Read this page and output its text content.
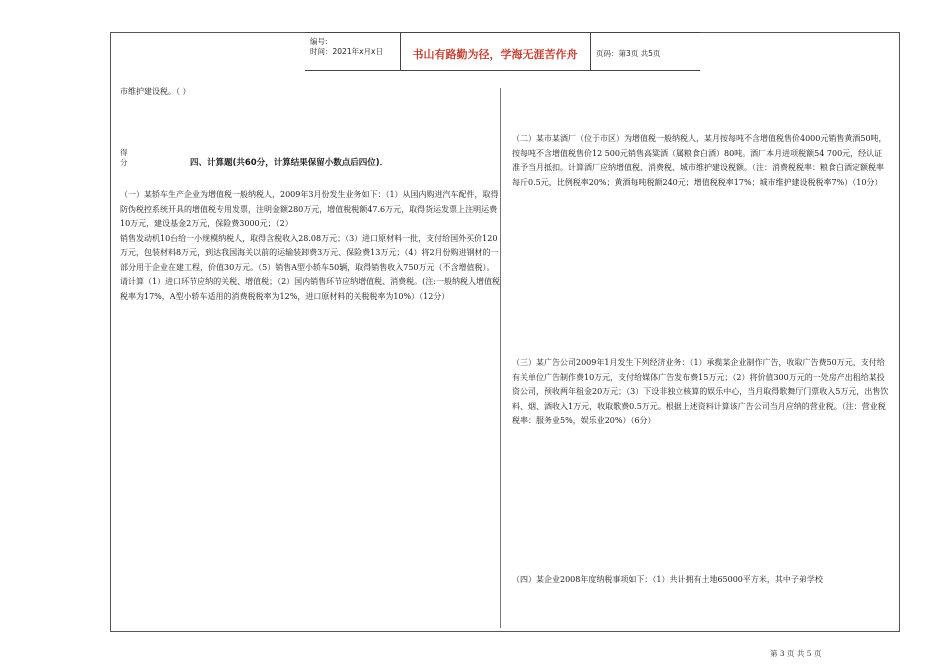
编号:
时间：2021年x月x日	书山有路勤为径，学海无涯苦作舟	页码：第3页 共5页
市维护建设税。（ ）
得
分	四、计算题(共60分，计算结果保留小数点后四位)．
（一）某轿车生产企业为增值税一般纳税人，2009年3月份发生业务如下：（1）从国内购进汽车配件，取得防伪税控系统开具的增值税专用发票，注明金额280万元，增值税税额47.6万元，取得货运发票上注明运费10万元，建设基金2万元，保险费3000元；（2）
销售发动机10台给一小规模纳税人，取得含税收入28.08万元；（3）进口原材料一批，支付给国外买价120万元，包装材料8万元，到达我国海关以前的运输装卸费3万元、保险费13万元；（4）将2月份购进钢材的一部分用于企业在建工程，价值30万元。（5）销售A型小轿车50辆，取得销售收入750万元（不含增值税）。请计算（1）进口环节应纳的关税、增值税；（2）国内销售环节应纳增值税、消费税。(注:一般纳税人增值税税率为17%，A型小轿车适用的消费税税率为12%，进口原材料的关税税率为10%）（12分）
（二）某市某酒厂（位于市区）为增值税一般纳税人，某月按每吨不含增值税售价4000元销售黄酒50吨，按每吨不含增值税售价12 500元销售高粱酒（属粮食白酒）80吨。酒厂本月进项税额54 700元，经认证准予当月抵扣。计算酒厂应纳增值税、消费税、城市维护建设税额。（注：消费税税率：粮食白酒定额税率每斤0.5元，比例税率20%；黄酒每吨税额240元；增值税税率17%；城市维护建设税税率7%）（10分）
（三）某广告公司2009年1月发生下列经济业务：（1）承揽某企业制作广告，收取广告费50万元，支付给有关单位广告制作费10万元，支付给媒体广告发布费15万元；（2）将价值300万元的一处房产出租给某投资公司，预收两年租金20万元；（3）下设非独立核算的娱乐中心，当月取得歌舞厅门票收入5万元，出售饮料、烟、酒收入1万元，收取歌费0.5万元。根据上述资料计算该广告公司当月应纳的营业税。（注：营业税税率：服务业5%，娱乐业20%）（6分）
（四）某企业2008年度纳税事项如下：（1）共计拥有土地65000平方米，其中子弟学校
第 3 页 共 5 页
